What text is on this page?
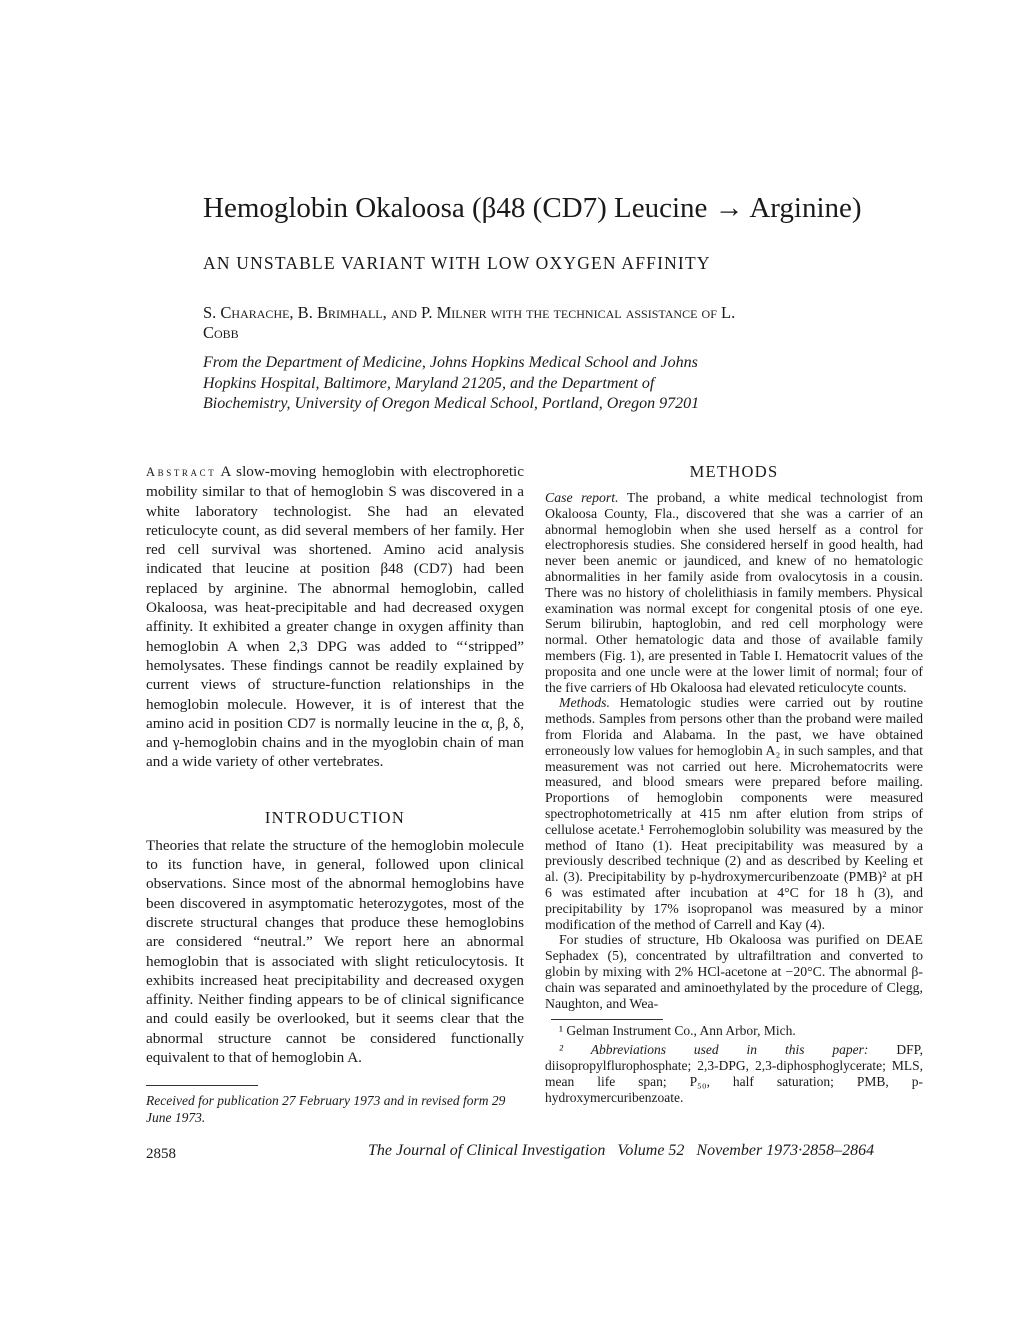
Hemoglobin Okaloosa (β48 (CD7) Leucine → Arginine)
AN UNSTABLE VARIANT WITH LOW OXYGEN AFFINITY
S. Charache, B. Brimhall, and P. Milner with the technical assistance of L. Cobb
From the Department of Medicine, Johns Hopkins Medical School and Johns Hopkins Hospital, Baltimore, Maryland 21205, and the Department of Biochemistry, University of Oregon Medical School, Portland, Oregon 97201

Abstract A slow-moving hemoglobin with electrophoretic mobility similar to that of hemoglobin S was discovered in a white laboratory technologist. She had an elevated reticulocyte count, as did several members of her family. Her red cell survival was shortened. Amino acid analysis indicated that leucine at position β48 (CD7) had been replaced by arginine. The abnormal hemoglobin, called Okaloosa, was heat-precipitable and had decreased oxygen affinity. It exhibited a greater change in oxygen affinity than hemoglobin A when 2,3 DPG was added to “‘stripped” hemolysates. These findings cannot be readily explained by current views of structure-function relationships in the hemoglobin molecule. However, it is of interest that the amino acid in position CD7 is normally leucine in the α, β, δ, and γ-hemoglobin chains and in the myoglobin chain of man and a wide variety of other vertebrates.

INTRODUCTION

Theories that relate the structure of the hemoglobin molecule to its function have, in general, followed upon clinical observations. Since most of the abnormal hemoglobins have been discovered in asymptomatic heterozygotes, most of the discrete structural changes that produce these hemoglobins are considered “neutral.” We report here an abnormal hemoglobin that is associated with slight reticulocytosis. It exhibits increased heat precipitability and decreased oxygen affinity. Neither finding appears to be of clinical significance and could easily be overlooked, but it seems clear that the abnormal structure cannot be considered functionally equivalent to that of hemoglobin A.

Received for publication 27 February 1973 and in revised form 29 June 1973.

METHODS

Case report. The proband, a white medical technologist from Okaloosa County, Fla., discovered that she was a carrier of an abnormal hemoglobin when she used herself as a control for electrophoresis studies. She considered herself in good health, had never been anemic or jaundiced, and knew of no hematologic abnormalities in her family aside from ovalocytosis in a cousin. There was no history of cholelithiasis in family members. Physical examination was normal except for congenital ptosis of one eye. Serum bilirubin, haptoglobin, and red cell morphology were normal. Other hematologic data and those of available family members (Fig. 1), are presented in Table I. Hematocrit values of the proposita and one uncle were at the lower limit of normal; four of the five carriers of Hb Okaloosa had elevated reticulocyte counts.

Methods. Hematologic studies were carried out by routine methods. Samples from persons other than the proband were mailed from Florida and Alabama. In the past, we have obtained erroneously low values for hemoglobin A₂ in such samples, and that measurement was not carried out here. Microhematocrits were measured, and blood smears were prepared before mailing. Proportions of hemoglobin components were measured spectrophotometrically at 415 nm after elution from strips of cellulose acetate.¹ Ferrohemoglobin solubility was measured by the method of Itano (1). Heat precipitability was measured by a previously described technique (2) and as described by Keeling et al. (3). Precipitability by p-hydroxymercuribenzoate (PMB)² at pH 6 was estimated after incubation at 4°C for 18 h (3), and precipitability by 17% isopropanol was measured by a minor modification of the method of Carrell and Kay (4).

For studies of structure, Hb Okaloosa was purified on DEAE Sephadex (5), concentrated by ultrafiltration and converted to globin by mixing with 2% HCl-acetone at −20°C. The abnormal β-chain was separated and aminoethylated by the procedure of Clegg, Naughton, and Wea-

¹ Gelman Instrument Co., Ann Arbor, Mich.

² Abbreviations used in this paper: DFP, diisopropylflurophosphate; 2,3-DPG, 2,3-diphosphoglycerate; MLS, mean life span; P₅₀, half saturation; PMB, p-hydroxymercuribenzoate.

2858	The Journal of Clinical Investigation Volume 52 November 1973·2858–2864
